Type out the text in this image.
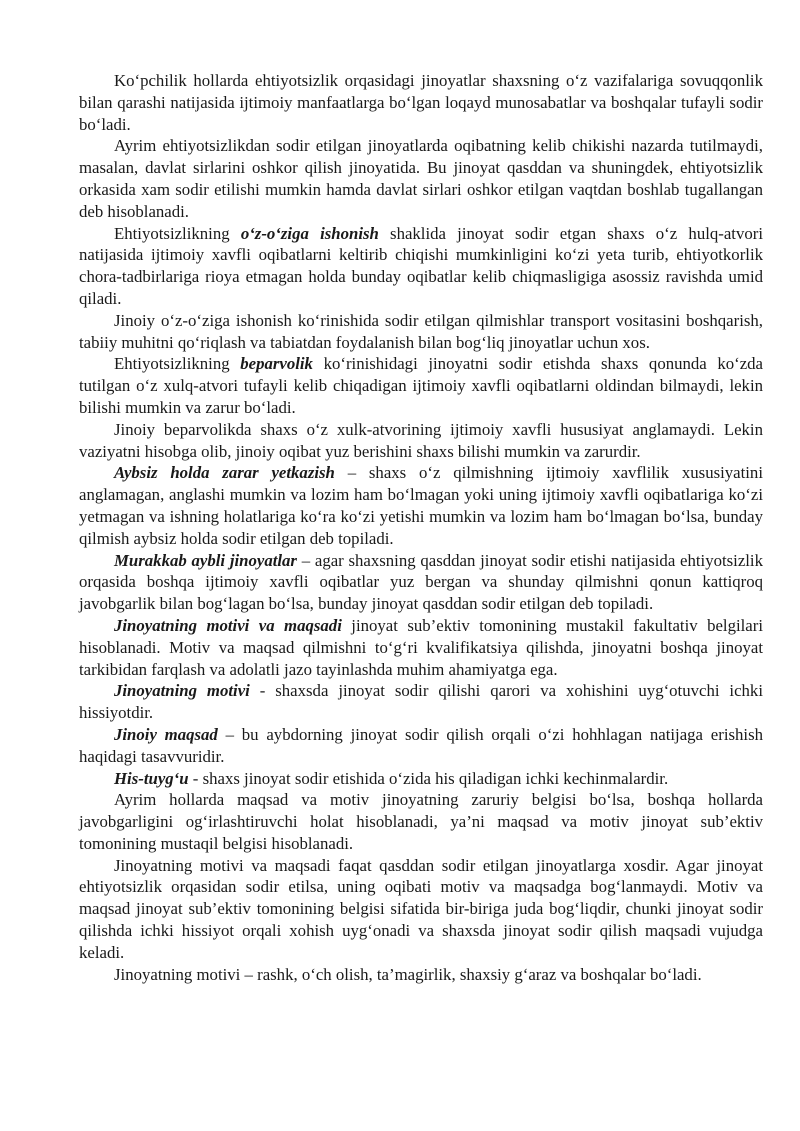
Ko‘pchilik hollarda ehtiyotsizlik orqasidagi jinoyatlar shaxsning o‘z vazifalariga sovuqqonlik bilan qarashi natijasida ijtimoiy manfaatlarga bo‘lgan loqayd munosabatlar va boshqalar tufayli sodir bo‘ladi.

Ayrim ehtiyotsizlikdan sodir etilgan jinoyatlarda oqibatning kelib chikishi nazarda tutilmaydi, masalan, davlat sirlarini oshkor qilish jinoyatida. Bu jinoyat qasddan va shuningdek, ehtiyotsizlik orkasida xam sodir etilishi mumkin hamda davlat sirlari oshkor etilgan vaqtdan boshlab tugallangan deb hisoblanadi.

Ehtiyotsizlikning o‘z-o‘ziga ishonish shaklida jinoyat sodir etgan shaxs o‘z hulq-atvori natijasida ijtimoiy xavfli oqibatlarni keltirib chiqishi mumkinligini ko‘zi yeta turib, ehtiyotkorlik chora-tadbirlariga rioya etmagan holda bunday oqibatlar kelib chiqmasligiga asossiz ravishda umid qiladi.

Jinoiy o‘z-o‘ziga ishonish ko‘rinishida sodir etilgan qilmishlar transport vositasini boshqarish, tabiiy muhitni qo‘riqlash va tabiatdan foydalanish bilan bog‘liq jinoyatlar uchun xos.

Ehtiyotsizlikning beparvolik ko‘rinishidagi jinoyatni sodir etishda shaxs qonunda ko‘zda tutilgan o‘z xulq-atvori tufayli kelib chiqadigan ijtimoiy xavfli oqibatlarni oldindan bilmaydi, lekin bilishi mumkin va zarur bo‘ladi.

Jinoiy beparvolikda shaxs o‘z xulk-atvorining ijtimoiy xavfli hususiyat anglamaydi. Lekin vaziyatni hisobga olib, jinoiy oqibat yuz berishini shaxs bilishi mumkin va zarurdir.

Aybsiz holda zarar yetkazish – shaxs o‘z qilmishning ijtimoiy xavflilik xususiyatini anglamagan, anglashi mumkin va lozim ham bo‘lmagan yoki uning ijtimoiy xavfli oqibatlariga ko‘zi yetmagan va ishning holatlariga ko‘ra ko‘zi yetishi mumkin va lozim ham bo‘lmagan bo‘lsa, bunday qilmish aybsiz holda sodir etilgan deb topiladi.

Murakkab aybli jinoyatlar – agar shaxsning qasddan jinoyat sodir etishi natijasida ehtiyotsizlik orqasida boshqa ijtimoiy xavfli oqibatlar yuz bergan va shunday qilmishni qonun kattiqroq javobgarlik bilan bog‘lagan bo‘lsa, bunday jinoyat qasddan sodir etilgan deb topiladi.

Jinoyatning motivi va maqsadi jinoyat sub’ektiv tomonining mustakil fakultativ belgilari hisoblanadi. Motiv va maqsad qilmishni to‘g‘ri kvalifikatsiya qilishda, jinoyatni boshqa jinoyat tarkibidan farqlash va adolatli jazo tayinlashda muhim ahamiyatga ega.

Jinoyatning motivi - shaxsda jinoyat sodir qilishi qarori va xohishini uyg‘otuvchi ichki hissiyotdir.

Jinoiy maqsad – bu aybdorning jinoyat sodir qilish orqali o‘zi hohhlagan natijaga erishish haqidagi tasavvuridir.

His-tuyg‘u - shaxs jinoyat sodir etishida o‘zida his qiladigan ichki kechinmalardir.

Ayrim hollarda maqsad va motiv jinoyatning zaruriy belgisi bo‘lsa, boshqa hollarda javobgarligini og‘irlashtiruvchi holat hisoblanadi, ya’ni maqsad va motiv jinoyat sub’ektiv tomonining mustaqil belgisi hisoblanadi.

Jinoyatning motivi va maqsadi faqat qasddan sodir etilgan jinoyatlarga xosdir. Agar jinoyat ehtiyotsizlik orqasidan sodir etilsa, uning oqibati motiv va maqsadga bog‘lanmaydi. Motiv va maqsad jinoyat sub’ektiv tomonining belgisi sifatida bir-biriga juda bog‘liqdir, chunki jinoyat sodir qilishda ichki hissiyot orqali xohish uyg‘onadi va shaxsda jinoyat sodir qilish maqsadi vujudga keladi.

Jinoyatning motivi – rashk, o‘ch olish, ta’magirlik, shaxsiy g‘araz va boshqalar bo‘ladi.
